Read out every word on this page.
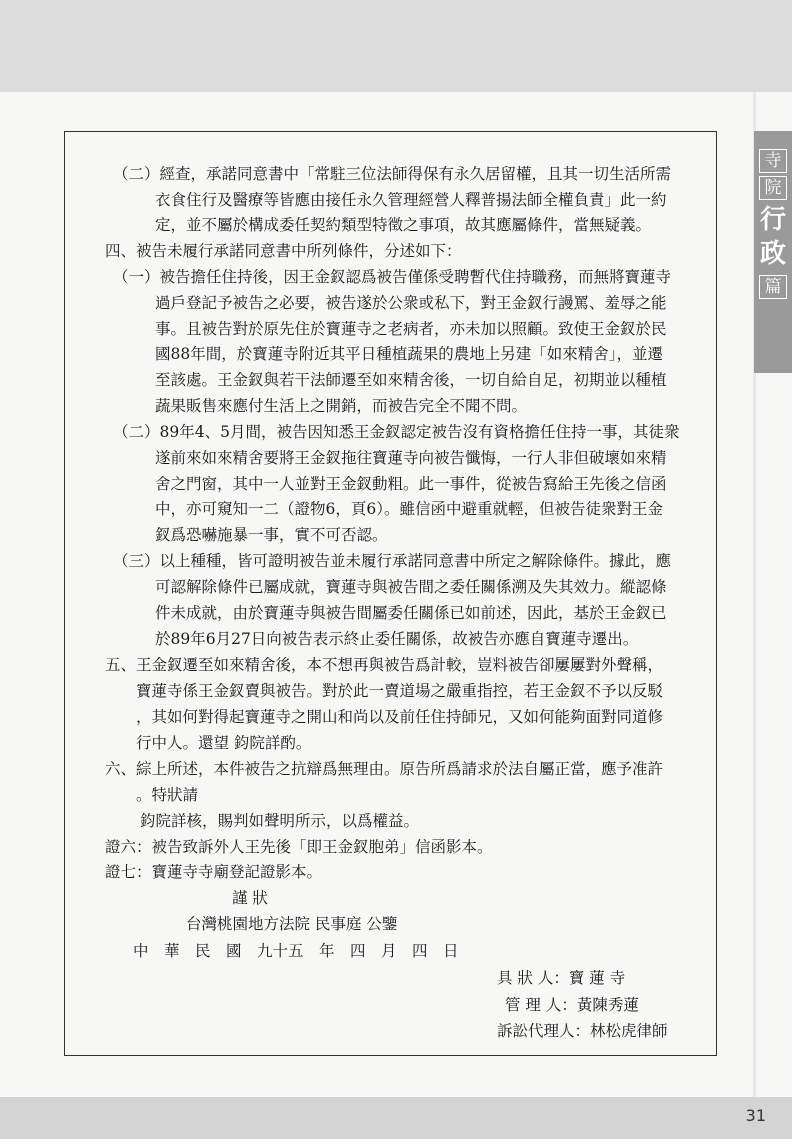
寺
院
行
政
篇
（二）經查，承諾同意書中「常駐三位法師得保有永久居留權，且其一切生活所需
衣食住行及醫療等皆應由接任永久管理經營人釋普揚法師全權負責」此一約
定，並不屬於構成委任契約類型特徵之事項，故其應屬條件，當無疑義。
四、被告未履行承諾同意書中所列條件，分述如下：
（一）被告擔任住持後，因王金釵認爲被告僅係受聘暫代住持職務，而無將寶蓮寺
過戶登記予被告之必要，被告遂於公衆或私下，對王金釵行謾罵、羞辱之能
事。且被告對於原先住於寶蓮寺之老病者，亦未加以照顧。致使王金釵於民
國88年間，於寶蓮寺附近其平日種植蔬果的農地上另建「如來精舍」，並遷
至該處。王金釵與若干法師遷至如來精舍後，一切自給自足，初期並以種植
蔬果販售來應付生活上之開銷，而被告完全不聞不問。
（二）89年4、5月間，被告因知悉王金釵認定被告沒有資格擔任住持一事，其徒衆
遂前來如來精舍要將王金釵拖往寶蓮寺向被告懺悔，一行人非但破壞如來精
舍之門窗，其中一人並對王金釵動粗。此一事件，從被告寫給王先後之信函
中，亦可窺知一二（證物6，頁6）。雖信函中避重就輕，但被告徒衆對王金
釵爲恐嚇施暴一事，實不可否認。
（三）以上種種，皆可證明被告並未履行承諾同意書中所定之解除條件。據此，應
可認解除條件已屬成就，寶蓮寺與被告間之委任關係溯及失其效力。縱認條
件未成就，由於寶蓮寺與被告間屬委任關係已如前述，因此，基於王金釵已
於89年6月27日向被告表示終止委任關係，故被告亦應自寶蓮寺遷出。
五、王金釵遷至如來精舍後，本不想再與被告爲計較，豈料被告卻屢屢對外聲稱，
寶蓮寺係王金釵賣與被告。對於此一賣道場之嚴重指控，若王金釵不予以反駁
，其如何對得起寶蓮寺之開山和尚以及前任住持師兄，又如何能夠面對同道修
行中人。還望 鈞院詳酌。
六、綜上所述，本件被告之抗辯爲無理由。原告所爲請求於法自屬正當，應予准許
。特狀請
鈞院詳核，賜判如聲明所示，以爲權益。
證六：被告致訴外人王先後「即王金釵胞弟」信函影本。
證七：寶蓮寺寺廟登記證影本。
謹 狀
台灣桃園地方法院 民事庭 公鑒
中　華　民　國　九十五　年　四　月　四　日
具 狀 人：寶 蓮 寺
管 理 人：黃陳秀蓮
訴訟代理人：林松虎律師
31
